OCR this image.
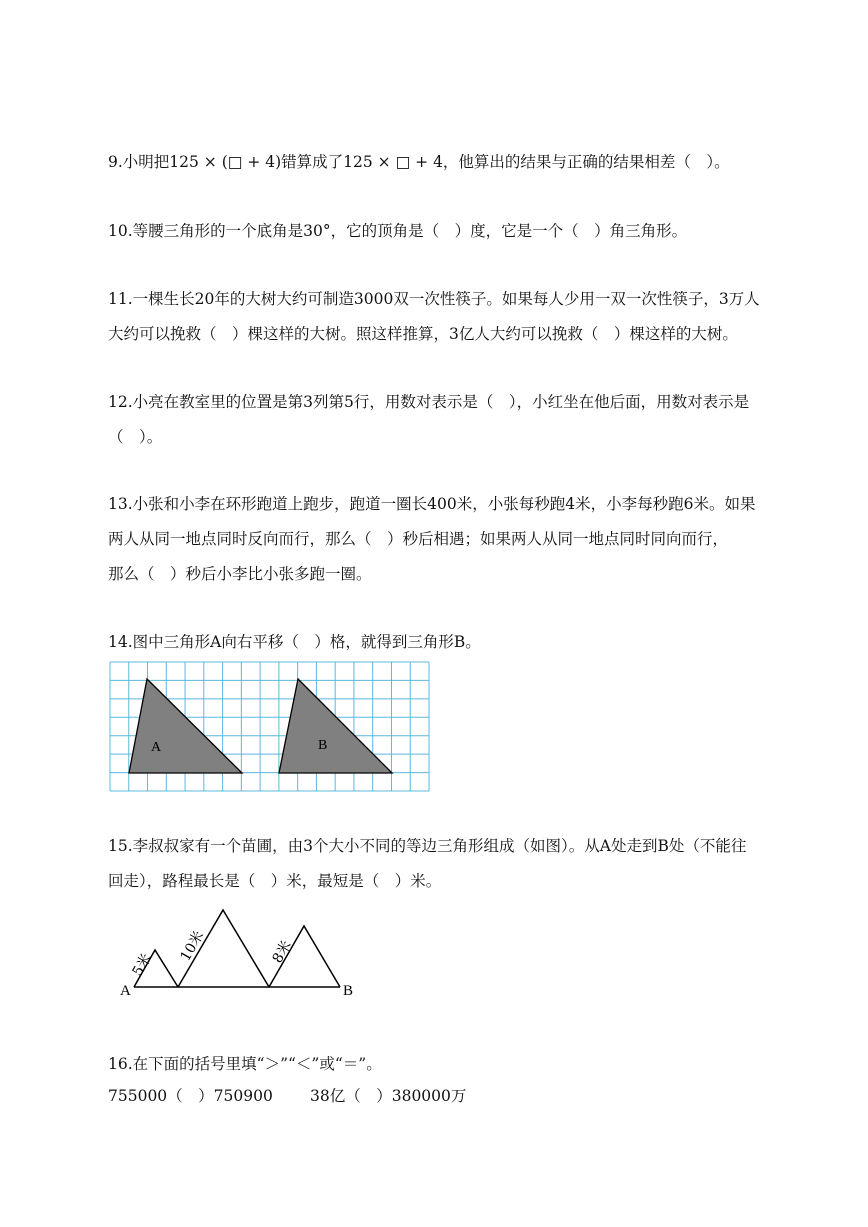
9.小明把125 × (□ + 4)错算成了125 × □ + 4，他算出的结果与正确的结果相差（　）。
10.等腰三角形的一个底角是30°，它的顶角是（　）度，它是一个（　）角三角形。
11.一棵生长20年的大树大约可制造3000双一次性筷子。如果每人少用一双一次性筷子，3万人
大约可以挽救（　）棵这样的大树。照这样推算，3亿人大约可以挽救（　）棵这样的大树。
12.小亮在教室里的位置是第3列第5行，用数对表示是（　），小红坐在他后面，用数对表示是
（　）。
13.小张和小李在环形跑道上跑步，跑道一圈长400米，小张每秒跑4米，小李每秒跑6米。如果
两人从同一地点同时反向而行，那么（　）秒后相遇；如果两人从同一地点同时同向而行，
那么（　）秒后小李比小张多跑一圈。
14.图中三角形A向右平移（　）格，就得到三角形B。
A	B
15.李叔叔家有一个苗圃，由3个大小不同的等边三角形组成（如图）。从A处走到B处（不能往
回走），路程最长是（　）米，最短是（　）米。
A	B
5米
10米	8米
16.在下面的括号里填“＞”“＜”或“＝”。
755000（　）750900 38亿（　）380000万
